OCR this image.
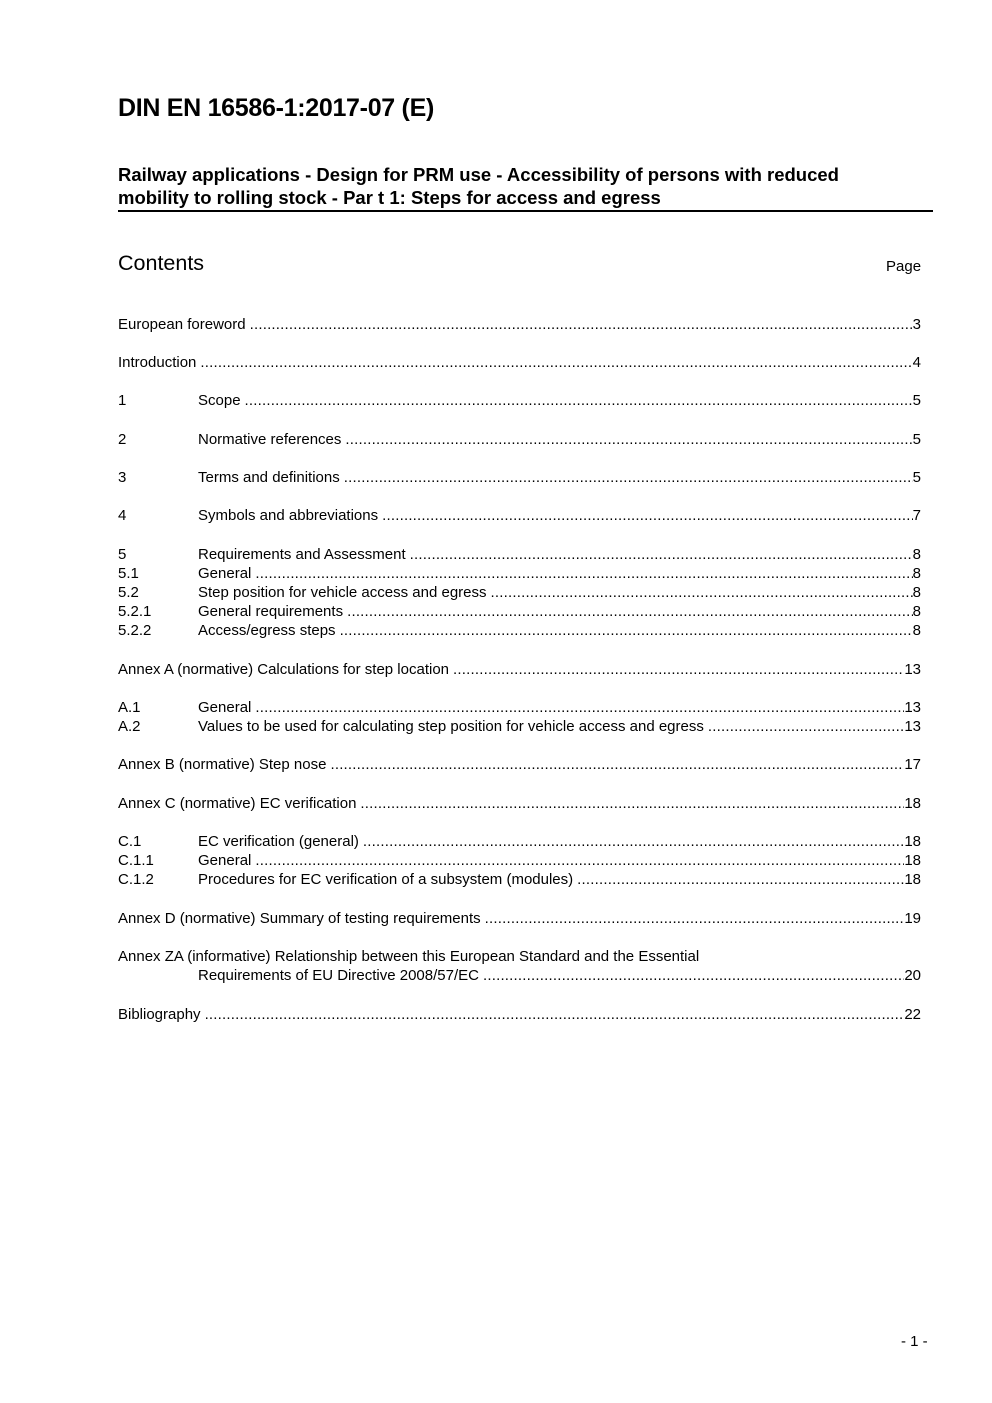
DIN EN 16586-1:2017-07 (E)
Railway applications - Design for PRM use - Accessibility of persons with reduced
mobility to rolling stock - Par t 1: Steps for access and egress
Contents	Page
European foreword .....	3
Introduction .....	4
1	Scope .....	5
2	Normative references .....	5
3	Terms and definitions .....	5
4	Symbols and abbreviations .....	7
5	Requirements and Assessment .....	8
5.1	General .....	8
5.2	Step position for vehicle access and egress .....	8
5.2.1	General requirements .....	8
5.2.2	Access/egress steps .....	8
Annex A (normative) Calculations for step location .....	13
A.1	General .....	13
A.2	Values to be used for calculating step position for vehicle access and egress .....	13
Annex B (normative) Step nose .....	17
Annex C (normative) EC verification .....	18
C.1	EC verification (general) .....	18
C.1.1	General .....	18
C.1.2	Procedures for EC verification of a subsystem (modules) .....	18
Annex D (normative) Summary of testing requirements .....	19
Annex ZA (informative) Relationship between this European Standard and the Essential
Requirements of EU Directive 2008/57/EC .....	20
Bibliography .....	22
- 1 -
